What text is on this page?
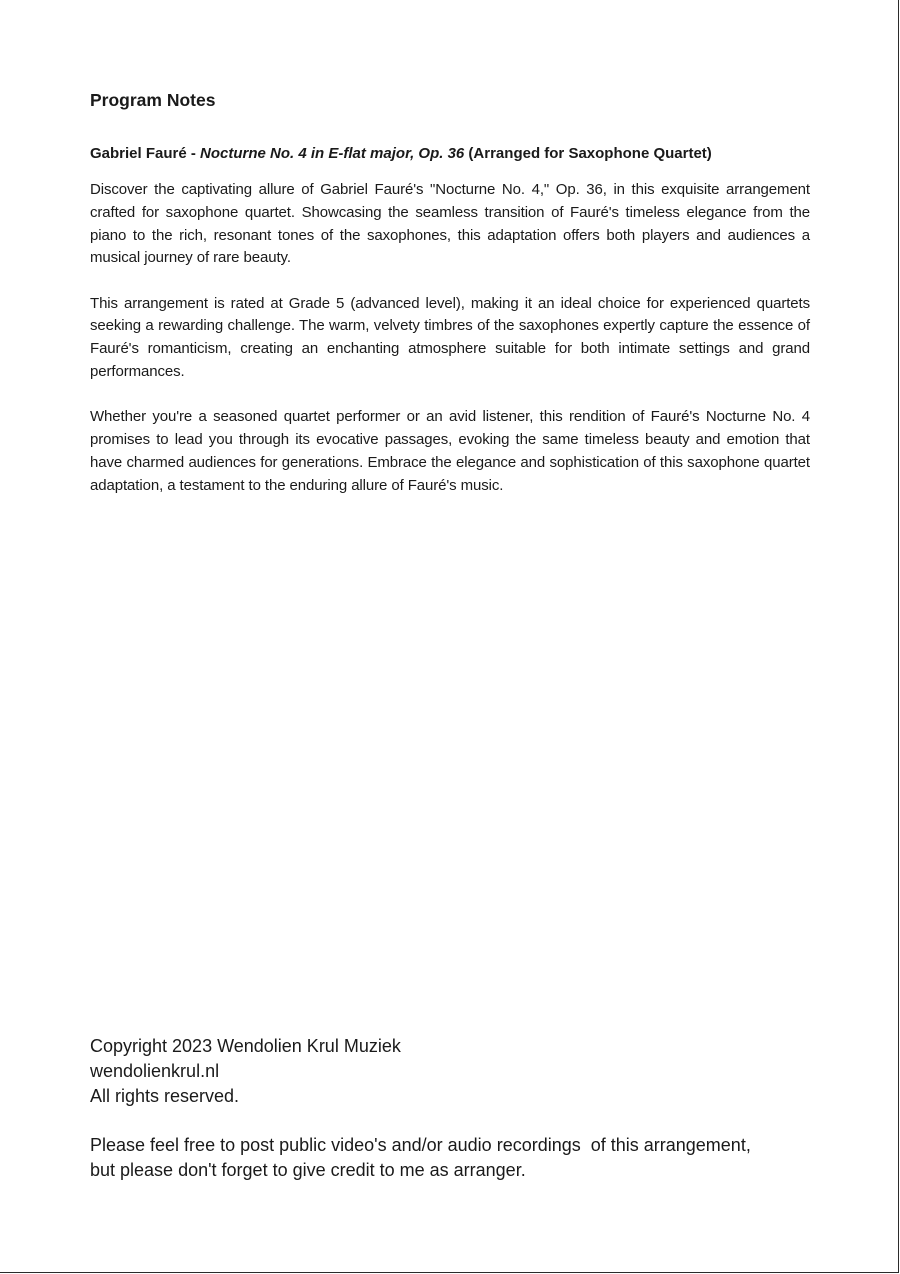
Program Notes
Gabriel Fauré - Nocturne No. 4 in E-flat major, Op. 36 (Arranged for Saxophone Quartet)

Discover the captivating allure of Gabriel Fauré's "Nocturne No. 4," Op. 36, in this exquisite arrangement crafted for saxophone quartet. Showcasing the seamless transition of Fauré's timeless elegance from the piano to the rich, resonant tones of the saxophones, this adaptation offers both players and audiences a musical journey of rare beauty.

This arrangement is rated at Grade 5 (advanced level), making it an ideal choice for experienced quartets seeking a rewarding challenge. The warm, velvety timbres of the saxophones expertly capture the essence of Fauré's romanticism, creating an enchanting atmosphere suitable for both intimate settings and grand performances.

Whether you're a seasoned quartet performer or an avid listener, this rendition of Fauré's Nocturne No. 4 promises to lead you through its evocative passages, evoking the same timeless beauty and emotion that have charmed audiences for generations. Embrace the elegance and sophistication of this saxophone quartet adaptation, a testament to the enduring allure of Fauré's music.

Copyright 2023 Wendolien Krul Muziek
wendolienkrul.nl
All rights reserved.
Please feel free to post public video's and/or audio recordings  of this arrangement,
but please don't forget to give credit to me as arranger.
